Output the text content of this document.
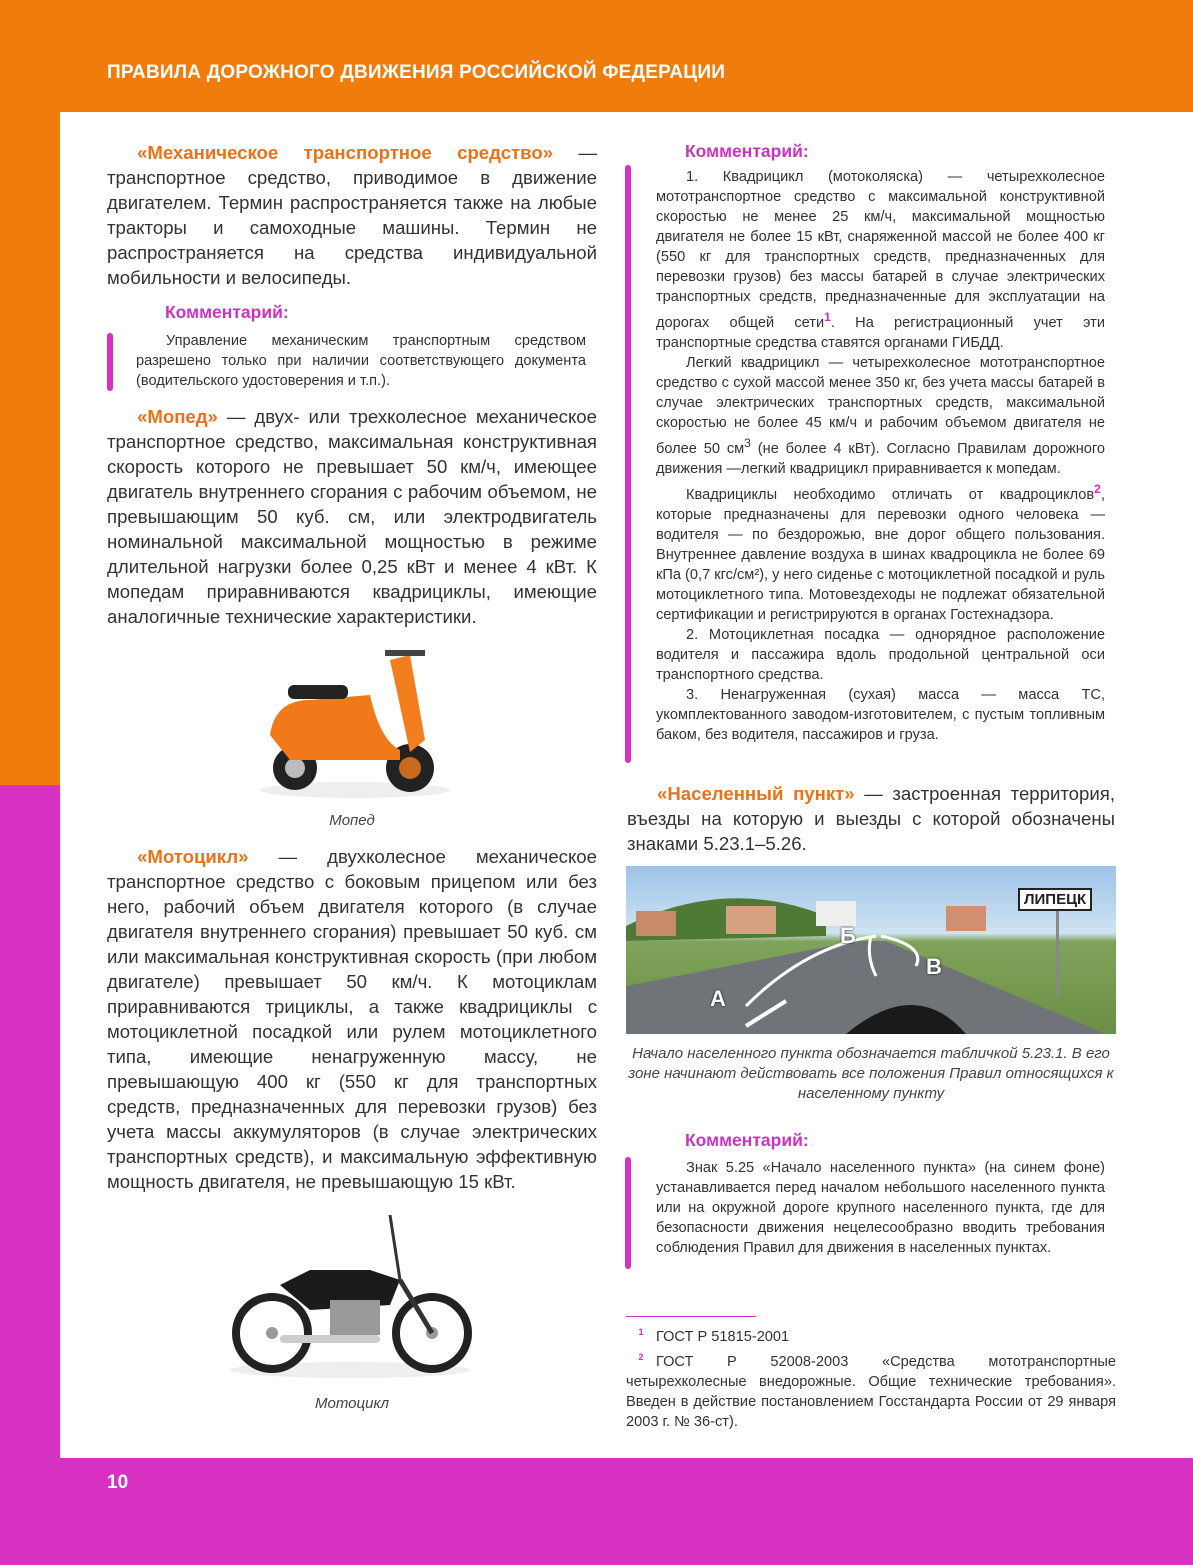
ПРАВИЛА ДОРОЖНОГО ДВИЖЕНИЯ РОССИЙСКОЙ ФЕДЕРАЦИИ
10
«Механическое транспортное средство» — транспортное средство, приводимое в движение двигателем. Термин распространяется также на любые тракторы и самоходные машины. Термин не распространяется на средства индивидуальной мобильности и велосипеды.
Комментарий:

Управление механическим транспортным средством разрешено только при наличии соответствующего документа (водительского удостоверения и т.п.).

«Мопед» — двух- или трехколесное механическое транспортное средство, максимальная конструктивная скорость которого не превышает 50 км/ч, имеющее двигатель внутреннего сгорания с рабочим объемом, не превышающим 50 куб. см, или электродвигатель номинальной максимальной мощностью в режиме длительной нагрузки более 0,25 кВт и менее 4 кВт. К мопедам приравниваются квадрициклы, имеющие аналогичные технические характеристики.
Мопед
«Мотоцикл» — двухколесное механическое транспортное средство с боковым прицепом или без него, рабочий объем двигателя которого (в случае двигателя внутреннего сгорания) превышает 50 куб. см или максимальная конструктивная скорость (при любом двигателе) превышает 50 км/ч. К мотоциклам приравниваются трициклы, а также квадрициклы с мотоциклетной посадкой или рулем мотоциклетного типа, имеющие ненагруженную массу, не превышающую 400 кг (550 кг для транспортных средств, предназначенных для перевозки грузов) без учета массы аккумуляторов (в случае электрических транспортных средств), и максимальную эффективную мощность двигателя, не превышающую 15 кВт.
Мотоцикл
Комментарий:

1. Квадрицикл (мотоколяска) — четырехколесное мототранспортное средство с максимальной конструктивной скоростью не менее 25 км/ч, максимальной мощностью двигателя не более 15 кВт, снаряженной массой не более 400 кг (550 кг для транспортных средств, предназначенных для перевозки грузов) без массы батарей в случае электрических транспортных средств, предназначенные для эксплуатации на дорогах общей сети$^1$. На регистрационный учет эти транспортные средства ставятся органами ГИБДД.

Легкий квадрицикл — четырехколесное мототранспортное средство с сухой массой менее 350 кг, без учета массы батарей в случае электрических транспортных средств, максимальной скоростью не более 45 км/ч и рабочим объемом двигателя не более 50 $см^3$ (не более 4 кВт). Согласно Правилам дорожного движения —легкий квадрицикл приравнивается к мопедам.

Квадрициклы необходимо отличать от квадроциклов$^2$, которые предназначены для перевозки одного человека — водителя — по бездорожью, вне дорог общего пользования. Внутреннее давление воздуха в шинах квадроцикла не более 69 кПа (0,7 кгс/см²), у него сиденье с мотоциклетной посадкой и руль мотоциклетного типа. Мотовездеходы не подлежат обязательной сертификации и регистрируются в органах Гостехнадзора.

2. Мотоциклетная посадка — однорядное расположение водителя и пассажира вдоль продольной центральной оси транспортного средства.

3. Ненагруженная (сухая) масса — масса ТС, укомплектованного заводом-изготовителем, с пустым топливным баком, без водителя, пассажиров и груза.

«Населенный пункт» — застроенная территория, въезды на которую и выезды с которой обозначены знаками 5.23.1–5.26.
ЛИПЕЦК
А
Б
В
Начало населенного пункта обозначается табличкой 5.23.1. В его зоне начинают действовать все положения Правил относящихся к населенному пункту
Комментарий:

Знак 5.25 «Начало населенного пункта» (на синем фоне) устанавливается перед началом небольшого населенного пункта или на окружной дороге крупного населенного пункта, где для безопасности движения нецелесообразно вводить требования соблюдения Правил для движения в населенных пунктах.

$^1$ ГОСТ Р 51815-2001
$^2$ ГОСТ Р 52008-2003 «Средства мототранспортные четырехколесные внедорожные. Общие технические требования». Введен в действие постановлением Госстандарта России от 29 января 2003 г. № 36-ст).
